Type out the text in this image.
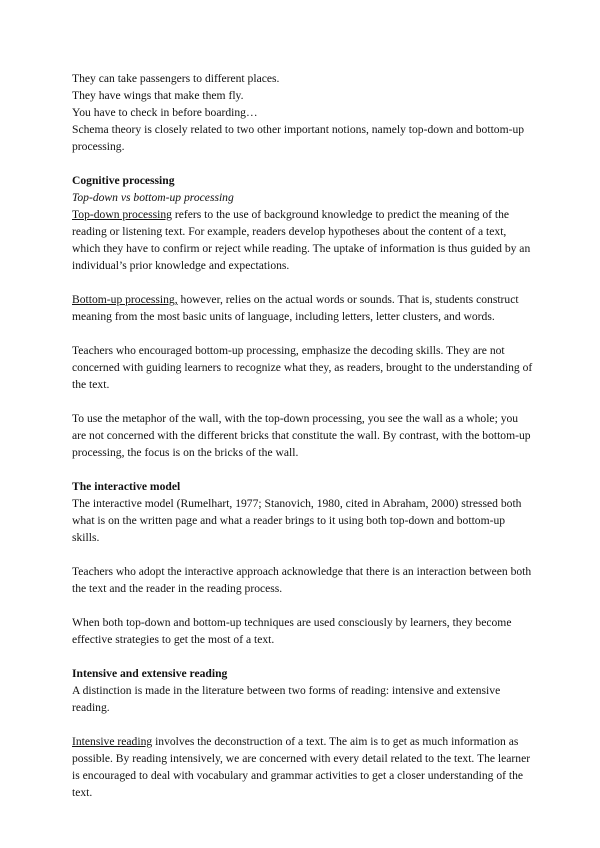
They can take passengers to different places.

They have wings that make them fly.

You have to check in before boarding…

Schema theory is closely related to two other important notions, namely top-down and bottom-up processing.

Cognitive processing

Top-down vs bottom-up processing

Top-down processing refers to the use of background knowledge to predict the meaning of the reading or listening text. For example, readers develop hypotheses about the content of a text, which they have to confirm or reject while reading. The uptake of information is thus guided by an individual’s prior knowledge and expectations.

Bottom-up processing, however, relies on the actual words or sounds. That is, students construct meaning from the most basic units of language, including letters, letter clusters, and words.

Teachers who encouraged bottom-up processing, emphasize the decoding skills. They are not concerned with guiding learners to recognize what they, as readers, brought to the understanding of the text.

To use the metaphor of the wall, with the top-down processing, you see the wall as a whole; you are not concerned with the different bricks that constitute the wall. By contrast, with the bottom-up processing, the focus is on the bricks of the wall.

The interactive model

The interactive model (Rumelhart, 1977; Stanovich, 1980, cited in Abraham, 2000) stressed both what is on the written page and what a reader brings to it using both top-down and bottom-up skills.

Teachers who adopt the interactive approach acknowledge that there is an interaction between both the text and the reader in the reading process.

When both top-down and bottom-up techniques are used consciously by learners, they become effective strategies to get the most of a text.

Intensive and extensive reading

A distinction is made in the literature between two forms of reading: intensive and extensive reading.

Intensive reading involves the deconstruction of a text. The aim is to get as much information as possible. By reading intensively, we are concerned with every detail related to the text. The learner is encouraged to deal with vocabulary and grammar activities to get a closer understanding of the text.
